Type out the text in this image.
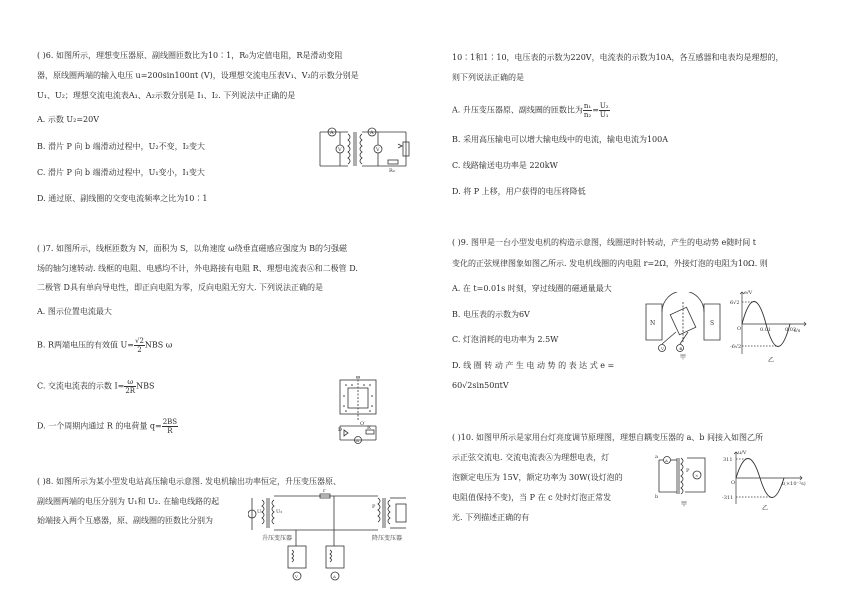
( )6. 如图所示，理想变压器原、副线圈匝数比为10∶1，R₀为定值电阻，R是滑动变阻
器，原线圈两端的输入电压 u=200sin100πt (V)，设理想交流电压表V₁、V₂的示数分别是
U₁、U₂；理想交流电流表A₁、A₂示数分别是 I₁、I₂. 下列说法中正确的是
A. 示数 U₂=20V
B. 滑片 P 向 b 端滑动过程中，U₂不变，I₂变大
C. 滑片 P 向 b 端滑动过程中，U₁变小，I₁变大
D. 通过原、副线圈的交变电流频率之比为10∶1
A
V
A
V
R₀
( )7. 如图所示，线框匝数为 N，面积为 S，以角速度 ω绕垂直磁感应强度为 B的匀强磁
场的轴匀速转动. 线框的电阻、电感均不计，外电路接有电阻 R、理想电流表Ⓐ和二极管 D.
二极管 D具有单向导电性，即正向电阻为零，反向电阻无穷大. 下列说法正确的是
A. 图示位置电流最大
B. R两端电压的有效值 $U= \frac{√2}{2}$ NBS ω
C. 交流电流表的示数 $I= \frac{\omega}{2R}$ NBS
D. 一个周期内通过 R 的电荷量 $q= \frac{2BS}{R}$
O
O′
D	R
A
( )8. 如图所示为某小型发电站高压输电示意图. 发电机输出功率恒定，升压变压器原、
副线圈两端的电压分别为 U₁和 U₂. 在输电线路的起
始端接入两个互感器，原、副线圈的匝数比分别为
U₁	U₂
r
P
V	A
升压变压器	降压变压器
10∶1和1∶10，电压表的示数为220V，电流表的示数为10A，各互感器和电表均是理想的，
则下列说法正确的是
A. 升压变压器原、副线圈的匝数比为 $\frac{\text{n₁}}{\text{n₂}} = \frac{\text{U₂}}{\text{U₁}}$
B. 采用高压输电可以增大输电线中的电流，输电电流为100A
C. 线路输送电功率是 220kW
D. 将 P 上移，用户获得的电压将降低
( )9. 图甲是一台小型发电机的构造示意图，线圈逆时针转动，产生的电动势 e随时间 t
变化的正弦规律图象如图乙所示. 发电机线圈的内电阻 r=2Ω，外接灯泡的电阻为10Ω. 则
A. 在 t=0.01s 时刻，穿过线圈的磁通量最大
B. 电压表的示数为6V
C. 灯泡消耗的电功率为 2.5W
D. 线 圈 转 动 产 生 电 动 势 的 表 达 式 e =
60√2sin50πtV
N	S
V	⊗
甲
e/V
t/s
6√2
-6√2
0.01	0.02
O
乙
( )10. 如图甲所示是家用台灯亮度调节原理图，理想自耦变压器的 a、b 间接入如图乙所
示正弦交流电. 交流电流表Ⓐ为理想电表，灯
泡额定电压为 15V，额定功率为 30W(设灯泡的
电阻值保持不变)，当 P 在 c 处时灯泡正常发
光. 下列描述正确的有
A
a
b
P
×
甲
u/V
t(×10⁻²s)
311
-311
O
乙
